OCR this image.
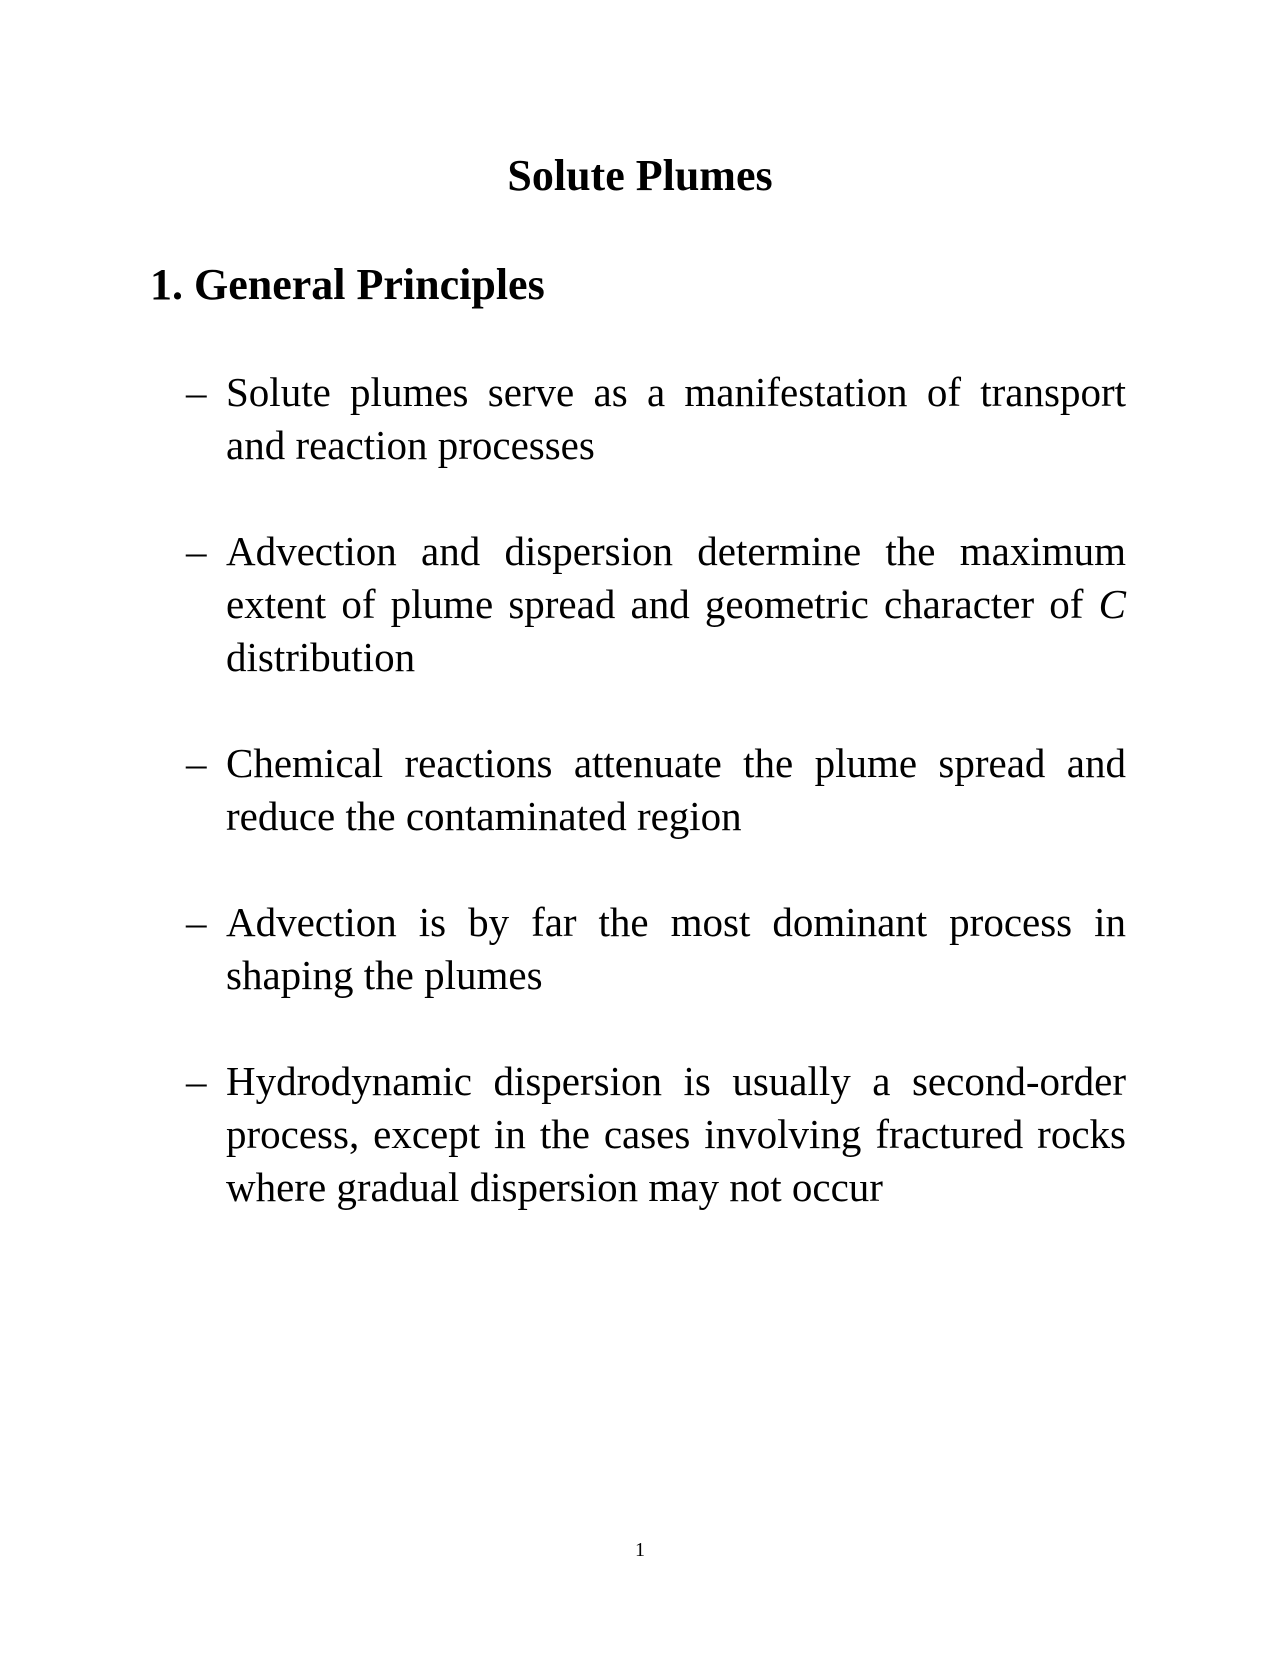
Solute Plumes
1. General Principles
– Solute plumes serve as a manifestation of transport and reaction processes
– Advection and dispersion determine the maximum extent of plume spread and geometric character of C distribution
– Chemical reactions attenuate the plume spread and reduce the contaminated region
– Advection is by far the most dominant process in shaping the plumes
– Hydrodynamic dispersion is usually a second-order process, except in the cases involving fractured rocks where gradual dispersion may not occur
1
